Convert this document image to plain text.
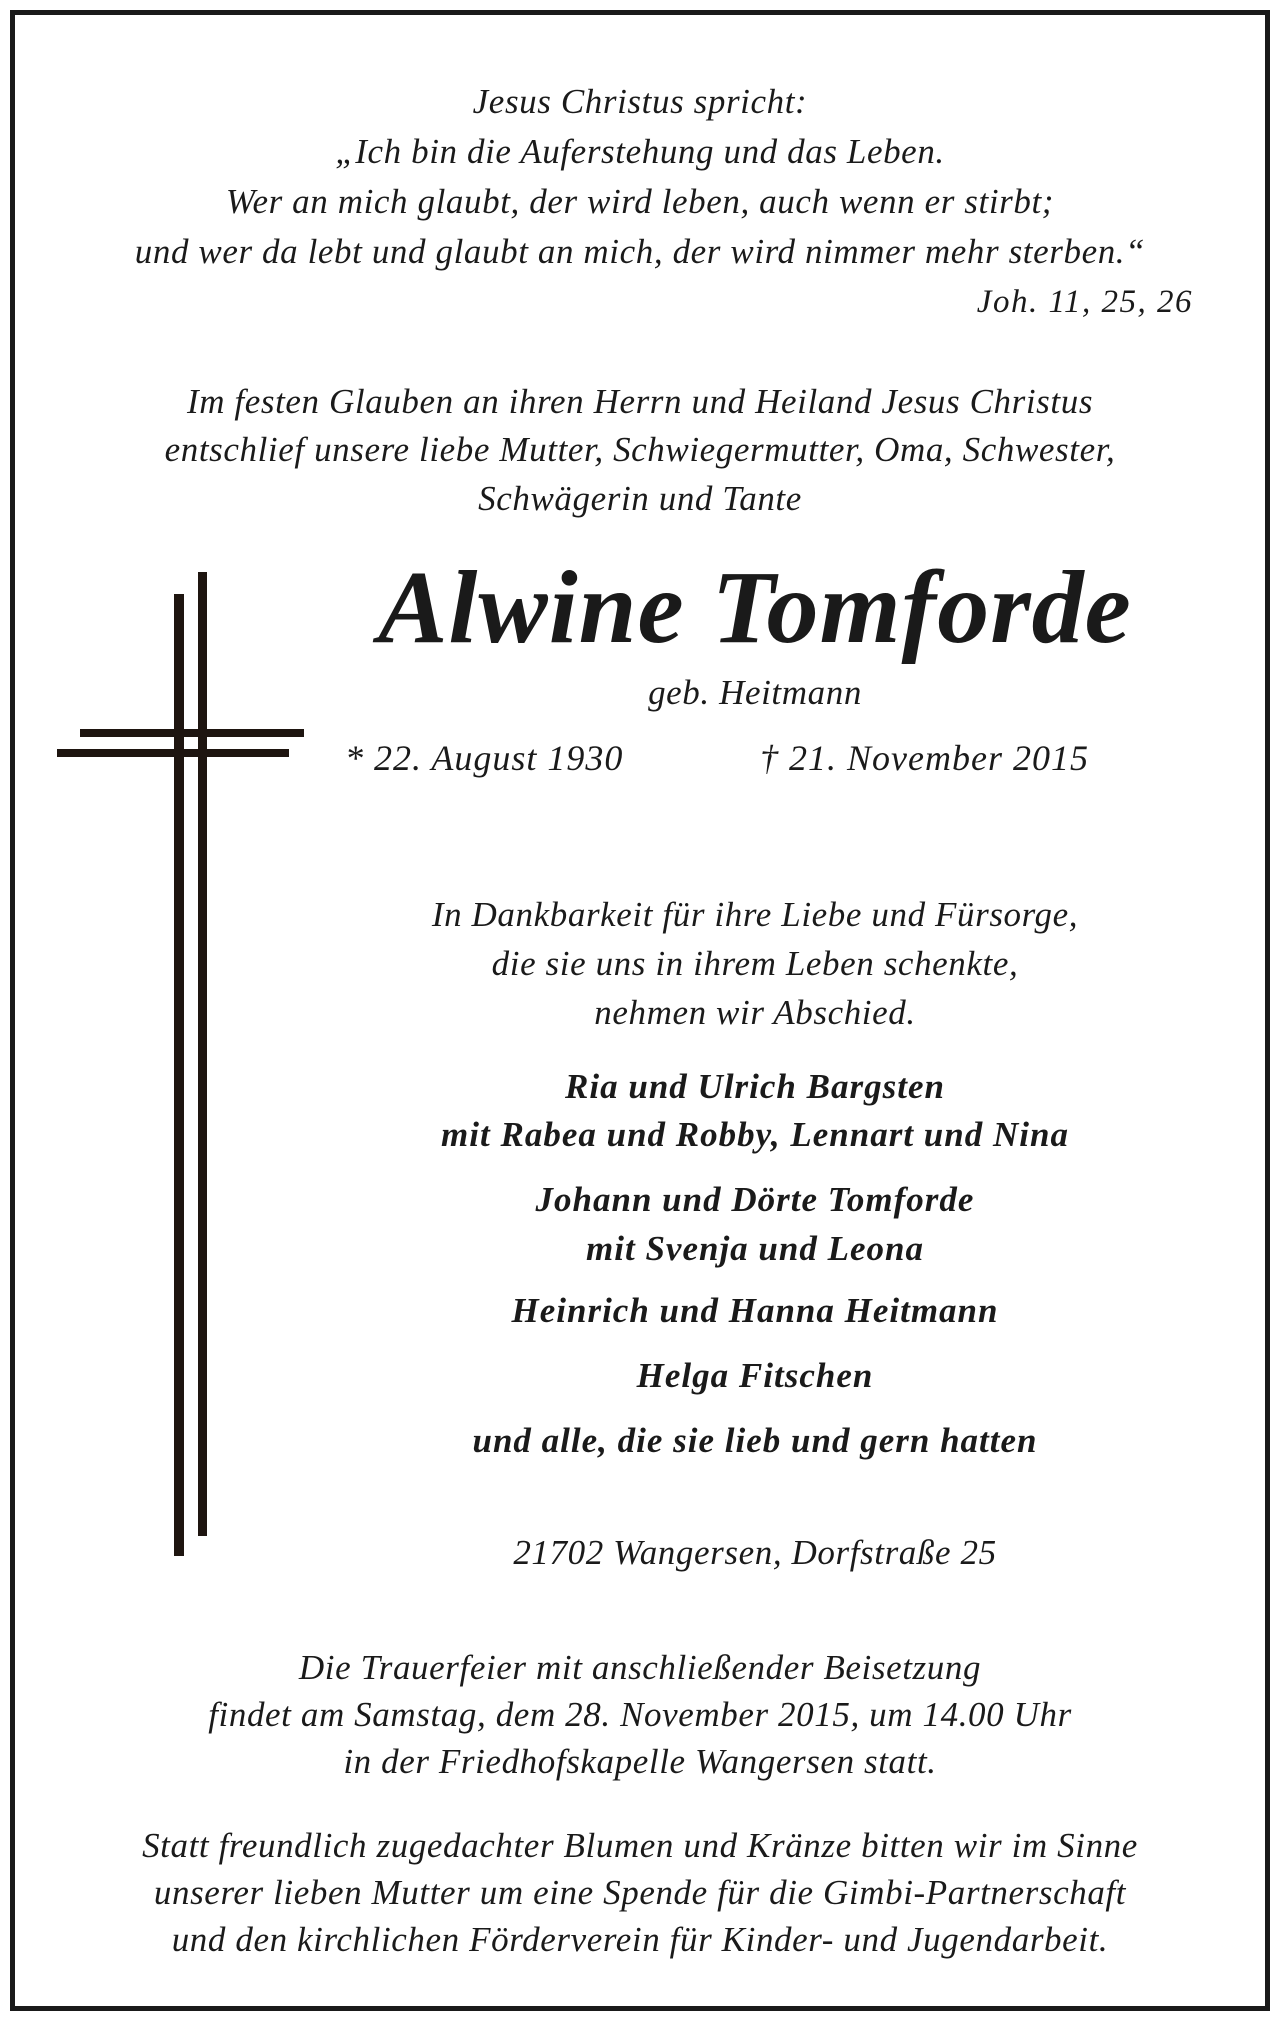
Jesus Christus spricht:
„Ich bin die Auferstehung und das Leben.
Wer an mich glaubt, der wird leben, auch wenn er stirbt;
und wer da lebt und glaubt an mich, der wird nimmer mehr sterben.“
Joh. 11, 25, 26
Im festen Glauben an ihren Herrn und Heiland Jesus Christus
entschlief unsere liebe Mutter, Schwiegermutter, Oma, Schwester,
Schwägerin und Tante
Alwine Tomforde
geb. Heitmann
* 22. August 1930	† 21. November 2015
In Dankbarkeit für ihre Liebe und Fürsorge,
die sie uns in ihrem Leben schenkte,
nehmen wir Abschied.
Ria und Ulrich Bargsten
mit Rabea und Robby, Lennart und Nina
Johann und Dörte Tomforde
mit Svenja und Leona
Heinrich und Hanna Heitmann
Helga Fitschen
und alle, die sie lieb und gern hatten
21702 Wangersen, Dorfstraße 25
Die Trauerfeier mit anschließender Beisetzung
findet am Samstag, dem 28. November 2015, um 14.00 Uhr
in der Friedhofskapelle Wangersen statt.
Statt freundlich zugedachter Blumen und Kränze bitten wir im Sinne
unserer lieben Mutter um eine Spende für die Gimbi-Partnerschaft
und den kirchlichen Förderverein für Kinder- und Jugendarbeit.
